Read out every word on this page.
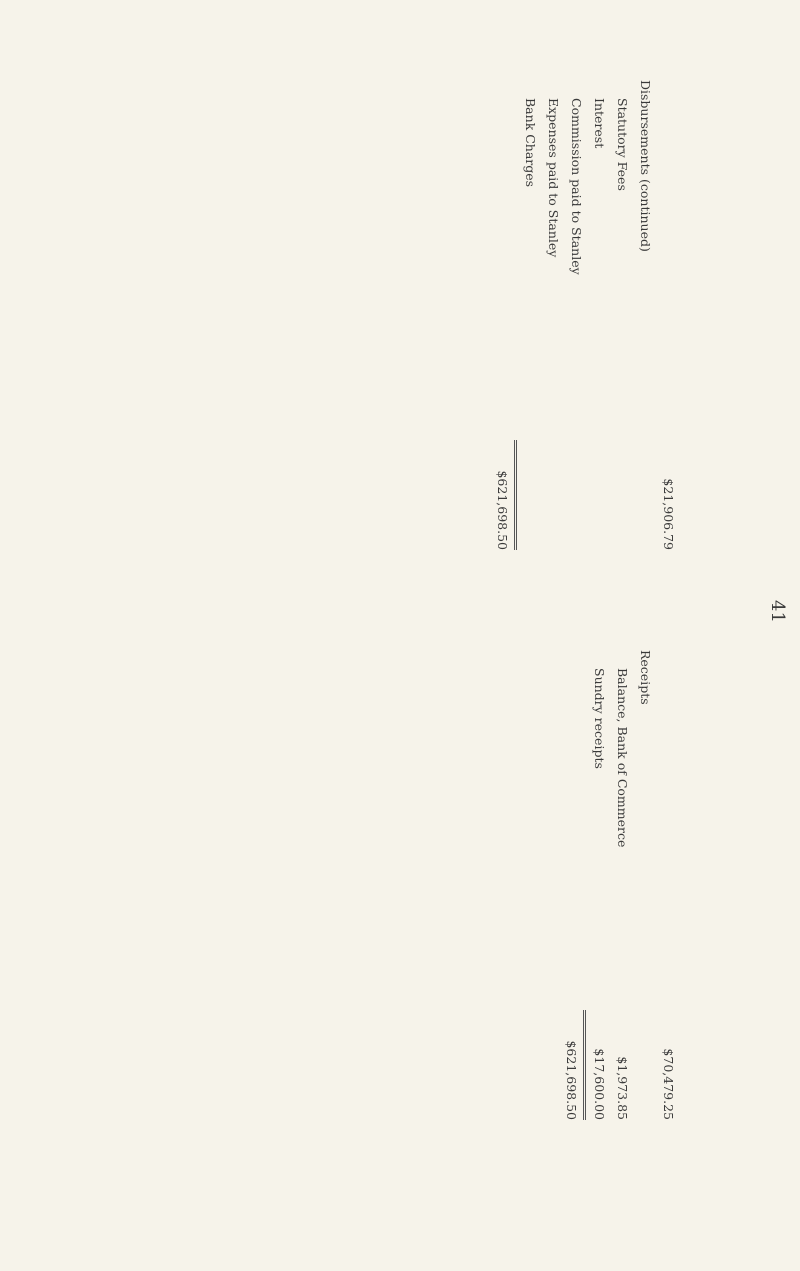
41
$21,906.79
Disbursements (continued)
Statutory Fees
Interest
Commission paid to Stanley
Expenses paid to Stanley
Bank Charges
$621,698.50
$70,479.25
Receipts
Balance, Bank of Commerce
$1,973.85
Sundry receipts
$17,600.00
$621,698.50
